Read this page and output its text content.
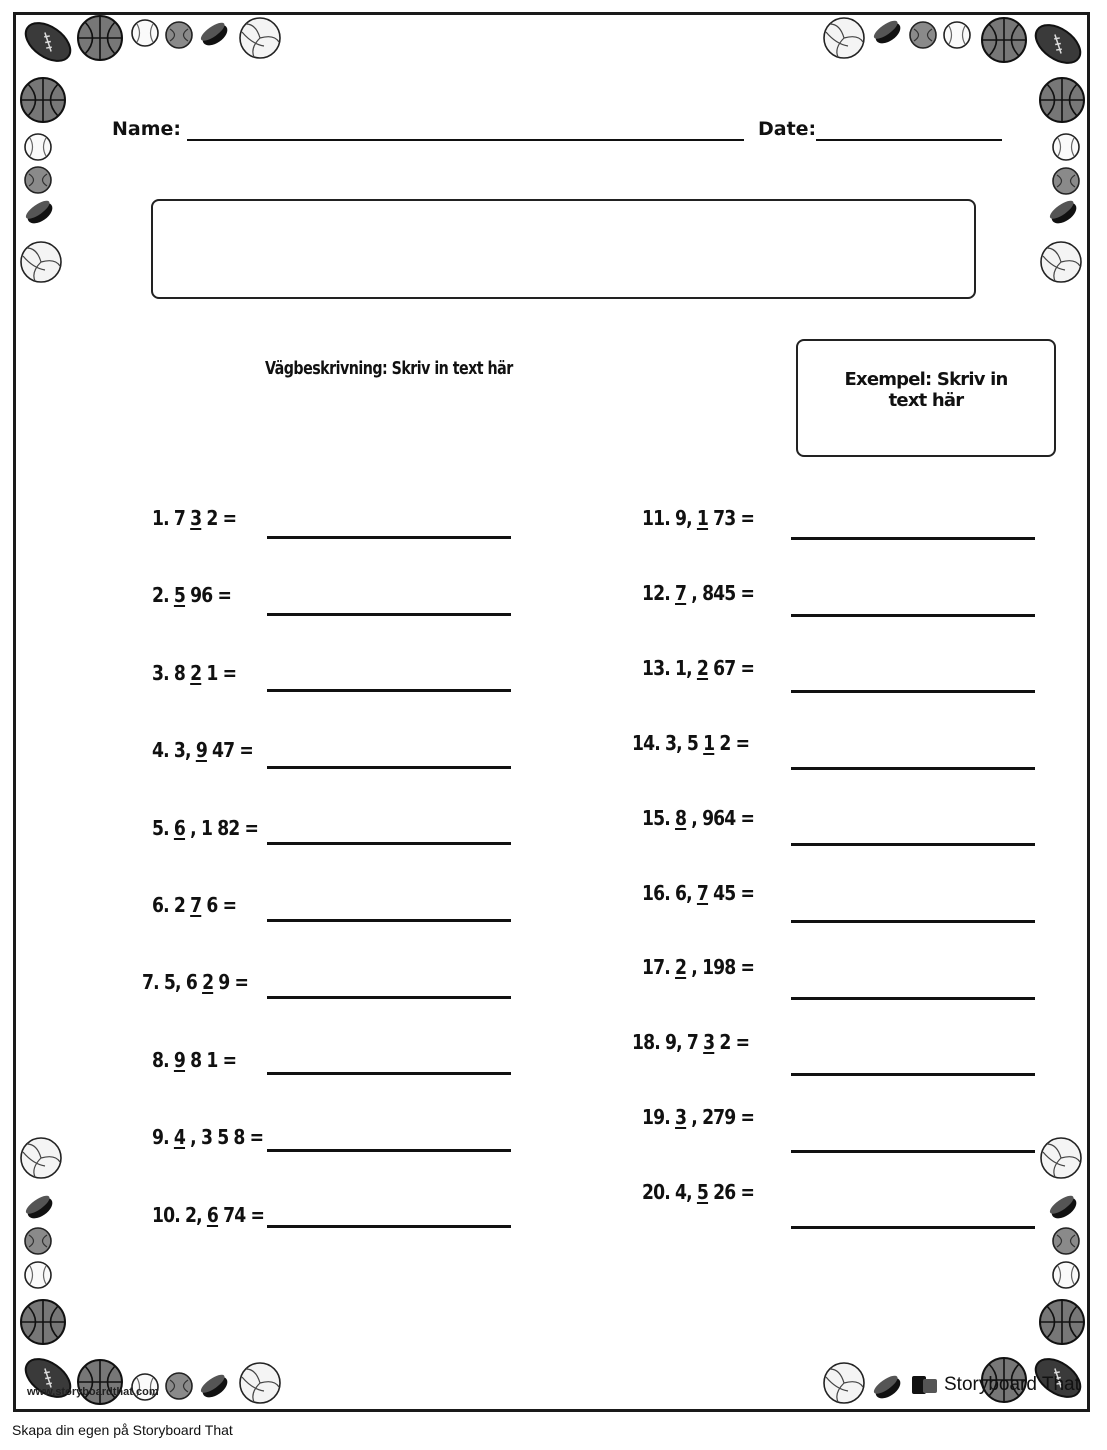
Name:	Date:
Vägbeskrivning: Skriv in text här
Exempel: Skriv in text här
1. 7 3 2 =
2. 5 96 =
3. 8 2 1 =
4. 3, 9 47 =
5. 6 , 1 82 =
6. 2 7 6 =
7. 5, 6 2 9 =
8. 9 8 1 =
9. 4 , 3 5 8 =
10. 2, 6 74 =
11. 9, 1 73 =
12. 7 , 845 =
13. 1, 2 67 =
14. 3, 5 1 2 =
15. 8 , 964 =
16. 6, 7 45 =
17. 2 , 198 =
18. 9, 7 3 2 =
19. 3 , 279 =
20. 4, 5 26 =
www.storyboardthat.com	Storyboard That
Skapa din egen på Storyboard That
